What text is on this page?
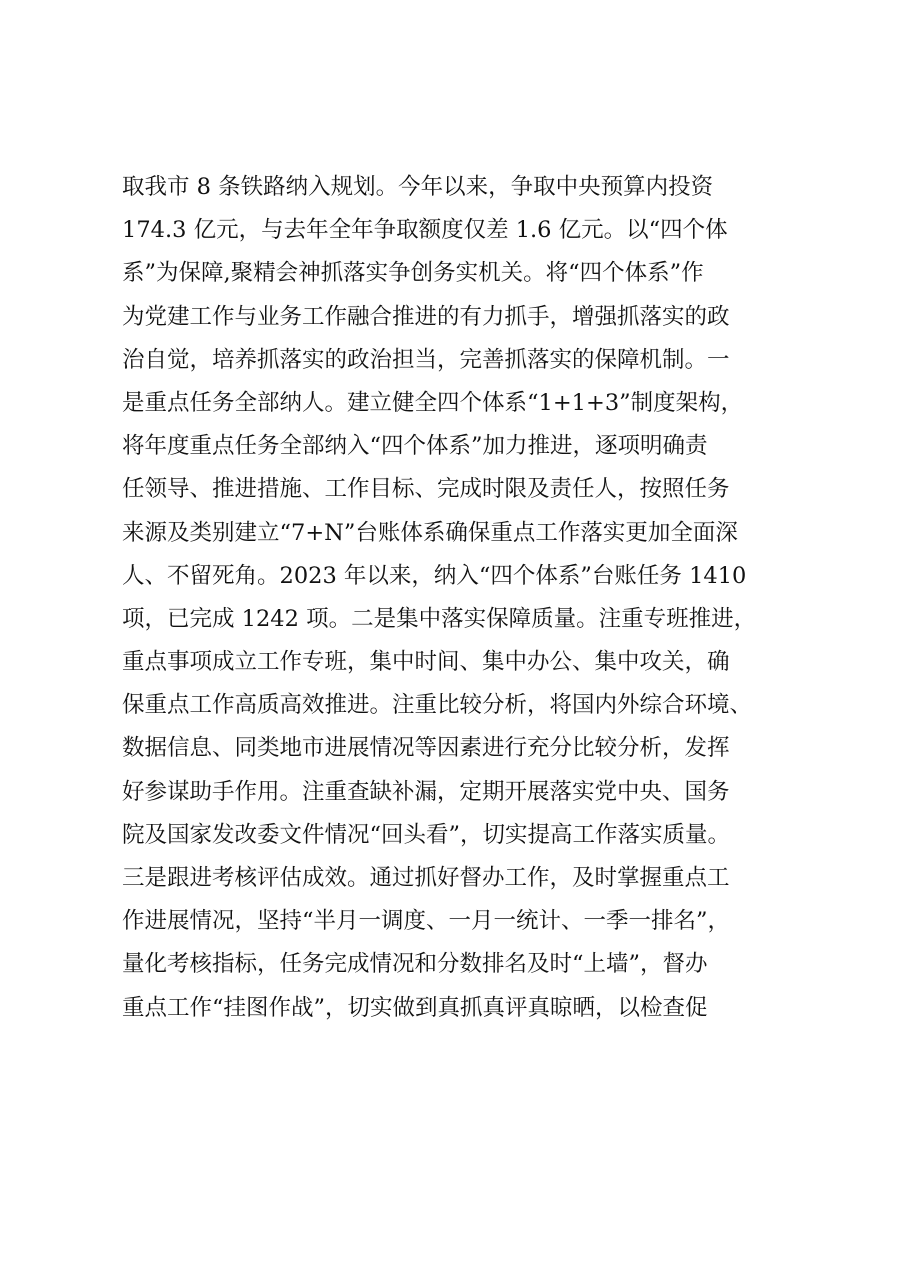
取我市 8 条铁路纳入规划。今年以来，争取中央预算内投资
174.3 亿元，与去年全年争取额度仅差 1.6 亿元。以“四个体
系”为保障,聚精会神抓落实争创务实机关。将“四个体系”作
为党建工作与业务工作融合推进的有力抓手，增强抓落实的政
治自觉，培养抓落实的政治担当，完善抓落实的保障机制。一
是重点任务全部纳人。建立健全四个体系“1+1+3”制度架构，
将年度重点任务全部纳入“四个体系”加力推进，逐项明确责
任领导、推进措施、工作目标、完成时限及责任人，按照任务
来源及类别建立“7+N”台账体系确保重点工作落实更加全面深
人、不留死角。2023 年以来，纳入“四个体系”台账任务 1410
项，已完成 1242 项。二是集中落实保障质量。注重专班推进，
重点事项成立工作专班，集中时间、集中办公、集中攻关，确
保重点工作高质高效推进。注重比较分析，将国内外综合环境、
数据信息、同类地市进展情况等因素进行充分比较分析，发挥
好参谋助手作用。注重查缺补漏，定期开展落实党中央、国务
院及国家发改委文件情况“回头看”，切实提高工作落实质量。
三是跟进考核评估成效。通过抓好督办工作，及时掌握重点工
作进展情况，坚持“半月一调度、一月一统计、一季一排名”，
量化考核指标，任务完成情况和分数排名及时“上墙”，督办
重点工作“挂图作战”，切实做到真抓真评真晾晒，以检查促
